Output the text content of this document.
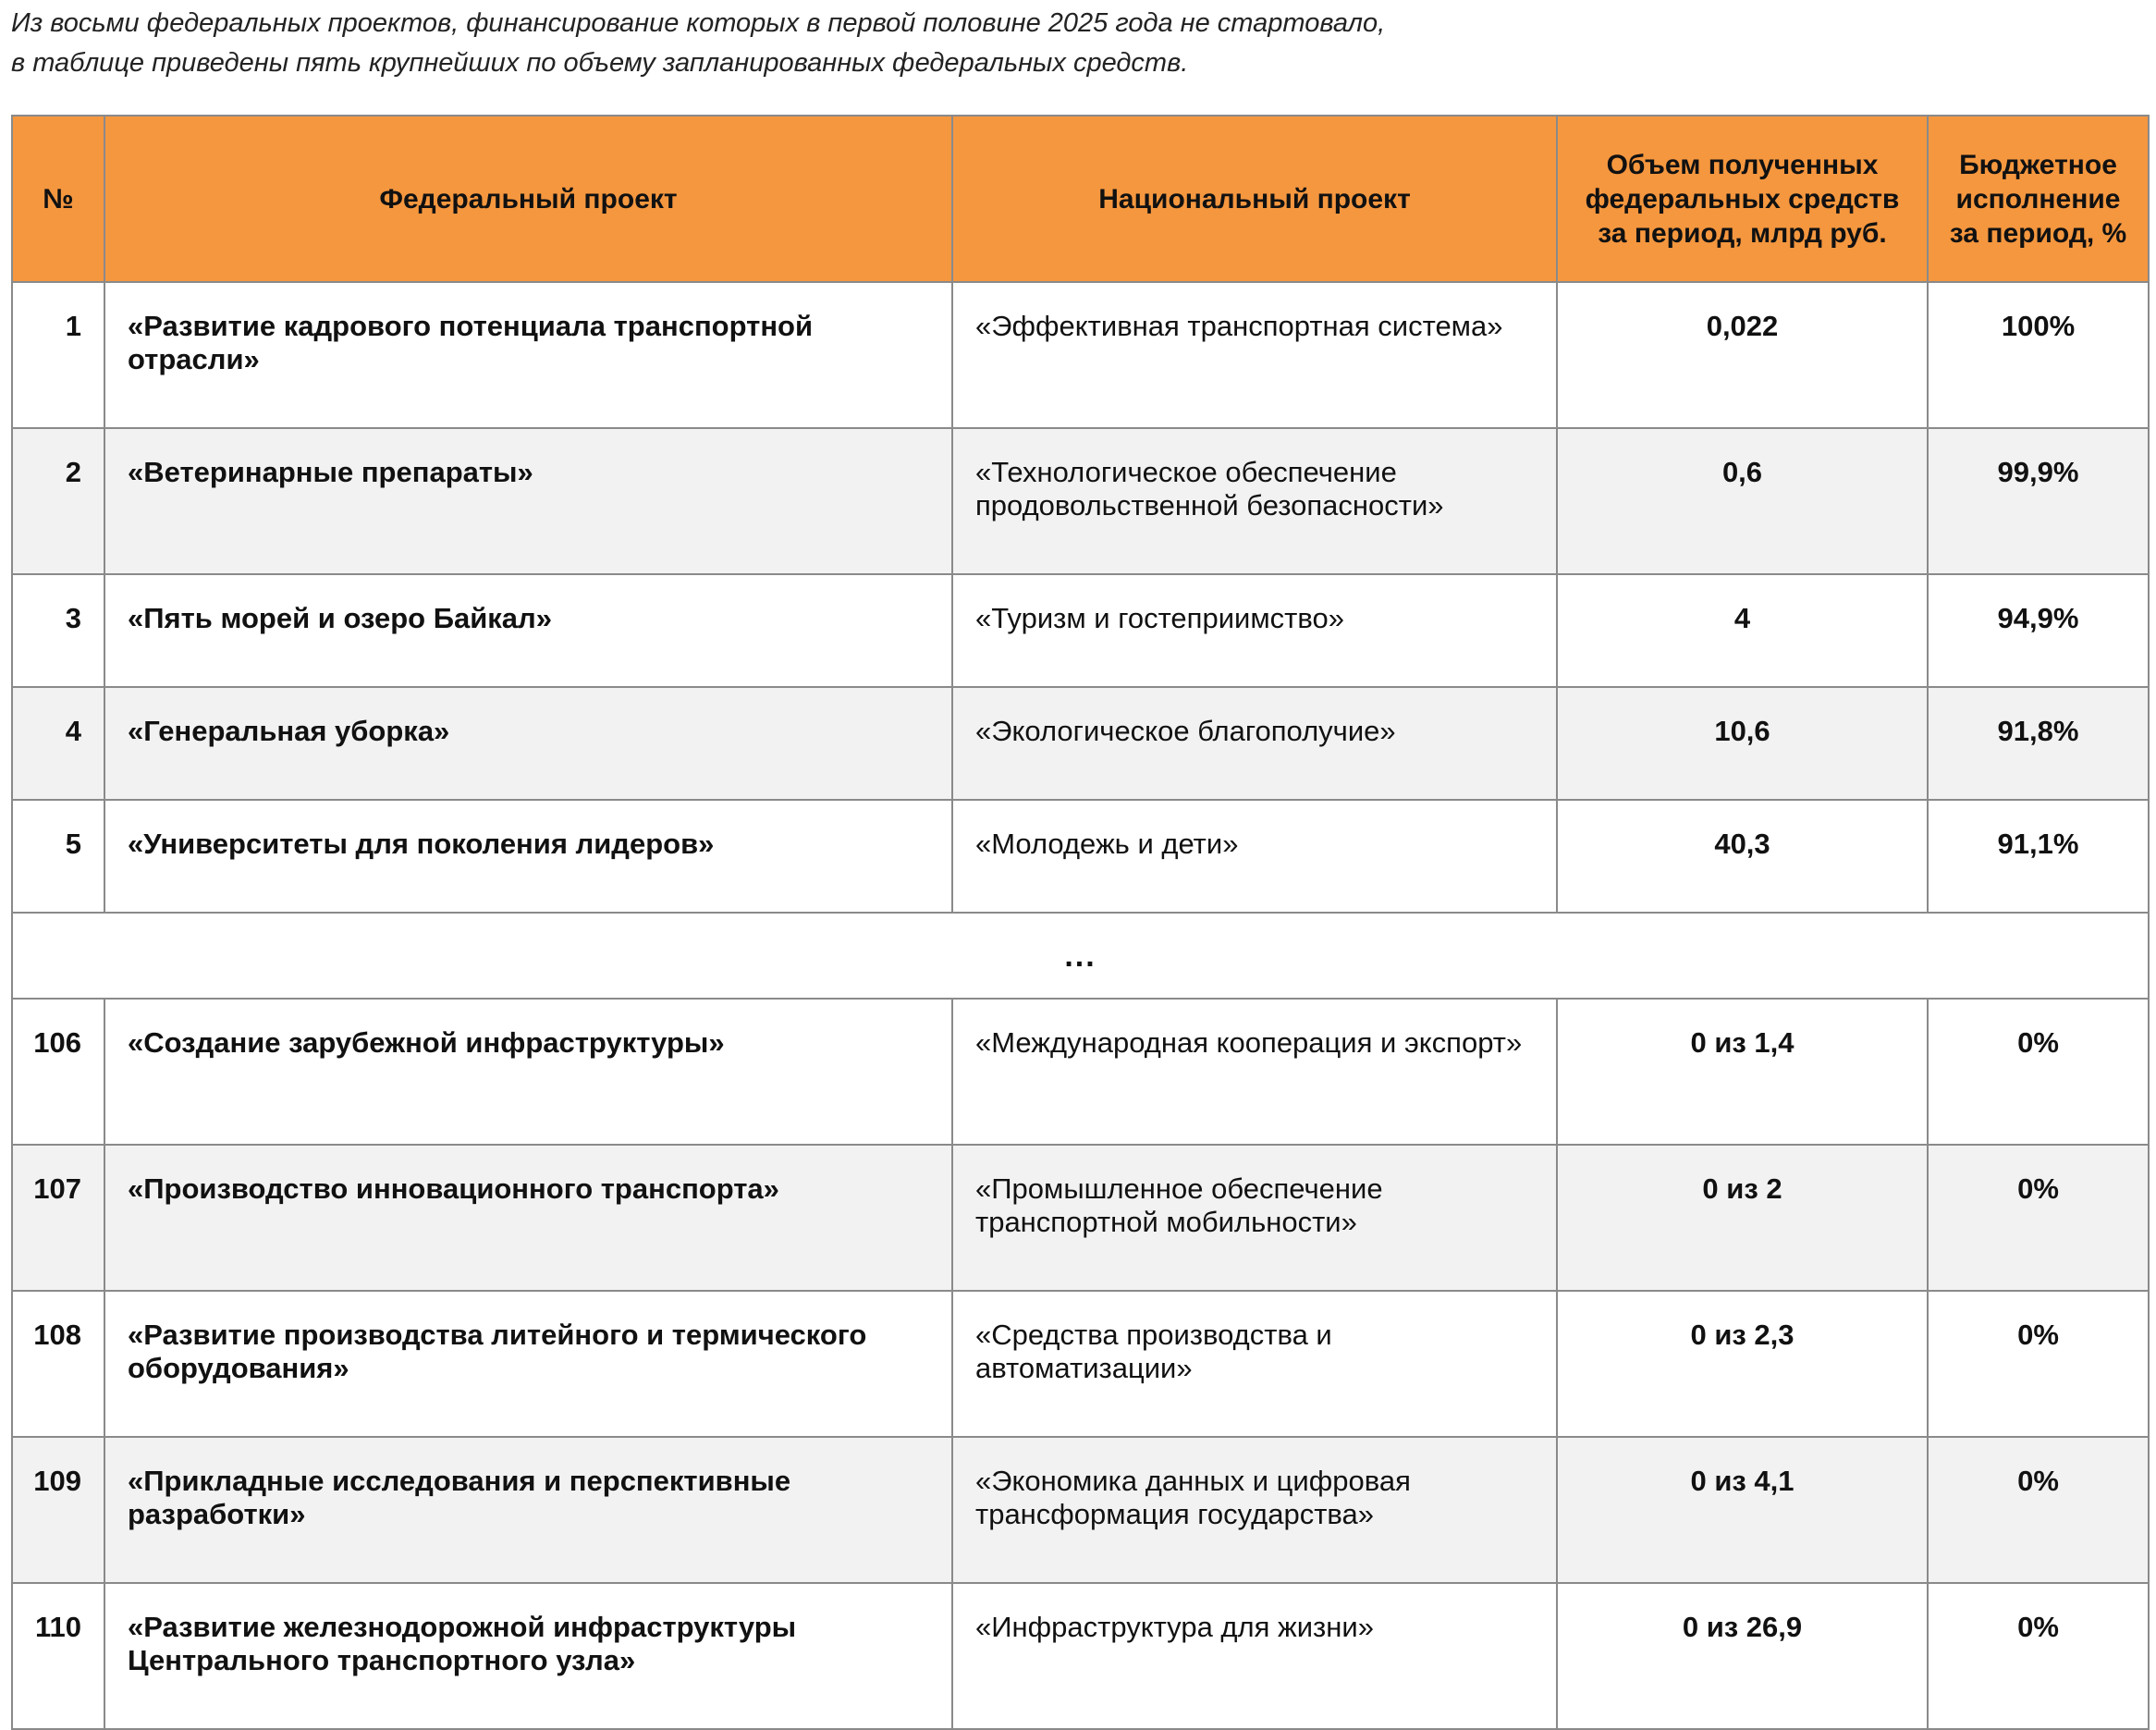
Из восьми федеральных проектов, финансирование которых в первой половине 2025 года не стартовало,

в таблице приведены пять крупнейших по объему запланированных федеральных средств.

№	Федеральный проект	Национальный проект	Объем полученных федеральных средств за период, млрд руб.	Бюджетное исполнение за период, %
1	«Развитие кадрового потенциала транспортной отрасли»	«Эффективная транспортная система»	0,022	100%
2	«Ветеринарные препараты»	«Технологическое обеспечение продовольственной безопасности»	0,6	99,9%
3	«Пять морей и озеро Байкал»	«Туризм и гостеприимство»	4	94,9%
4	«Генеральная уборка»	«Экологическое благополучие»	10,6	91,8%
5	«Университеты для поколения лидеров»	«Молодежь и дети»	40,3	91,1%
...				
106	«Создание зарубежной инфраструктуры»	«Международная кооперация и экспорт»	0 из 1,4	0%
107	«Производство инновационного транспорта»	«Промышленное обеспечение транспортной мобильности»	0 из 2	0%
108	«Развитие производства литейного и термического оборудования»	«Средства производства и автоматизации»	0 из 2,3	0%
109	«Прикладные исследования и перспективные разработки»	«Экономика данных и цифровая трансформация государства»	0 из 4,1	0%
110	«Развитие железнодорожной инфраструктуры Центрального транспортного узла»	«Инфраструктура для жизни»	0 из 26,9	0%
